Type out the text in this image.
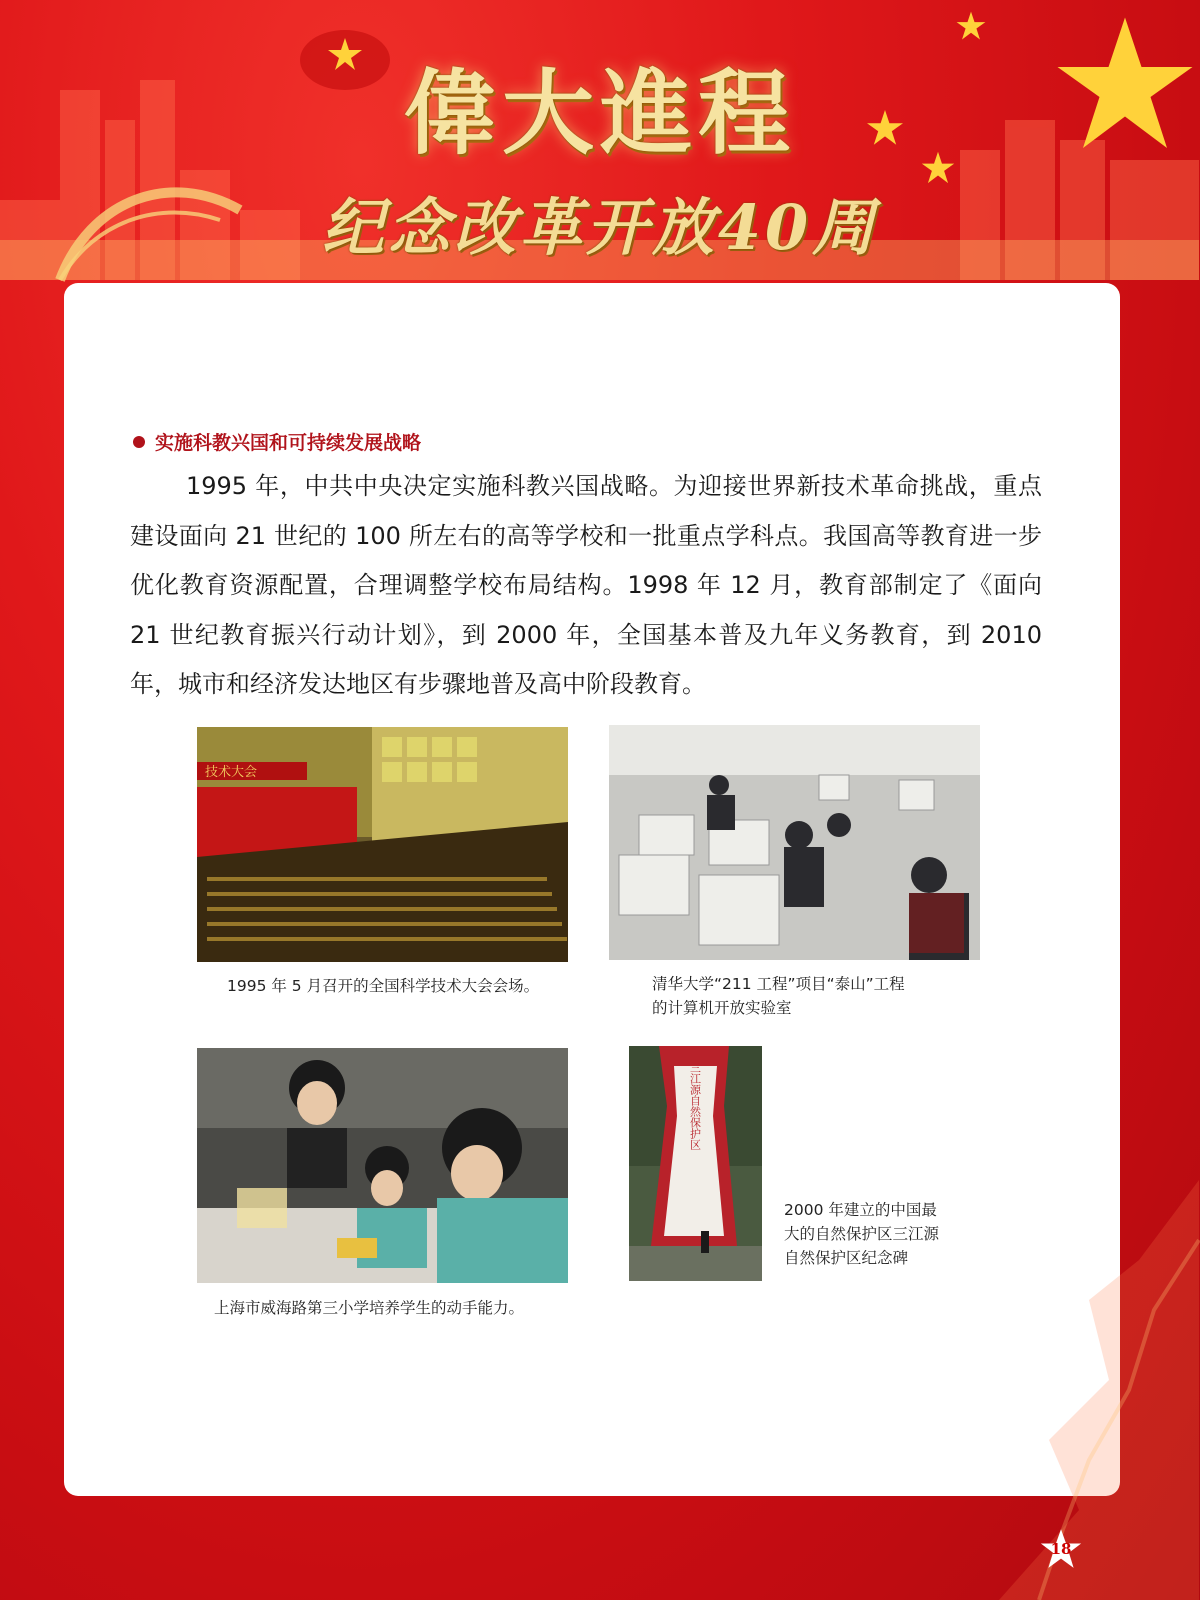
偉大進程
纪念改革开放40周
实施科教兴国和可持续发展战略
1995 年，中共中央决定实施科教兴国战略。为迎接世界新技术革命挑战，重点建设面向 21 世纪的 100 所左右的高等学校和一批重点学科点。我国高等教育进一步优化教育资源配置，合理调整学校布局结构。1998 年 12 月，教育部制定了《面向 21 世纪教育振兴行动计划》，到 2000 年，全国基本普及九年义务教育，到 2010 年，城市和经济发达地区有步骤地普及高中阶段教育。
技术大会
1995 年 5 月召开的全国科学技术大会会场。	清华大学“211 工程”项目“泰山”工程
的计算机开放实验室
上海市威海路第三小学培养学生的动手能力。
三江源自然保护区
2000 年建立的中国最
大的自然保护区三江源
自然保护区纪念碑
18
